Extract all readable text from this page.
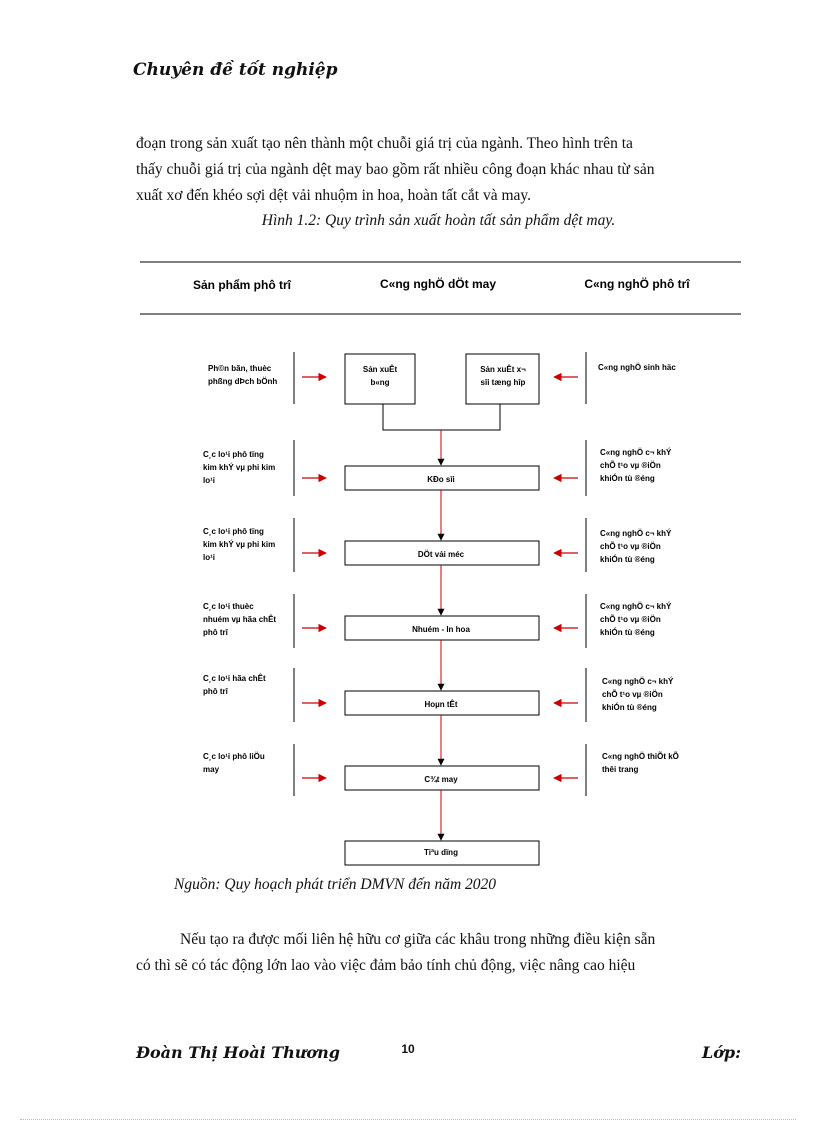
Chuyên đề tốt nghiệp
đoạn trong sản xuất tạo nên thành một chuỗi giá trị của ngành. Theo hình trên ta
thấy chuỗi giá trị của ngành dệt may bao gồm rất nhiều công đoạn khác nhau từ sản
xuất xơ đến khéo sợi dệt vải nhuộm in hoa, hoàn tất cắt và may.
Hình 1.2: Quy trình sản xuất hoàn tất sản phẩm dệt may.
Sản phẩm phô trî	C«ng nghÖ dÖt may	C«ng nghÖ phô trî
Sản xuÊt
b«ng
Sản xuÊt x¬
sîi tæng hîp
KÐo sîi
DÖt vải méc
Nhuém - In hoa
Hoµn tÊt
C¾t may
Tiªu dïng
Ph©n bãn, thuèc
phßng dÞch bÖnh
C¸c lo¹i phô tïng
kim khÝ vµ phi kim
lo¹i
C¸c lo¹i phô tïng
kim khÝ vµ phi kim
lo¹i
C¸c lo¹i thuèc
nhuém vµ hãa chÊt
phô trî
C¸c lo¹i hãa chÊt
phô trî
C¸c lo¹i phô liÖu
may
C«ng nghÖ sinh häc
C«ng nghÖ c¬ khÝ
chÕ t¹o vµ ®iÖn
khiÓn tù ®éng
C«ng nghÖ c¬ khÝ
chÕ t¹o vµ ®iÖn
khiÓn tù ®éng
C«ng nghÖ c¬ khÝ
chÕ t¹o vµ ®iÖn
khiÓn tù ®éng
C«ng nghÖ c¬ khÝ
chÕ t¹o vµ ®iÖn
khiÓn tù ®éng
C«ng nghÖ thiÕt kÕ
thêi trang
Nguồn: Quy hoạch phát triển DMVN đến năm 2020
Nếu tạo ra được mối liên hệ hữu cơ giữa các khâu trong những điều kiện sẵn
có thì sẽ có tác động lớn lao vào việc đảm bảo tính chủ động, việc nâng cao hiệu
Đoàn Thị Hoài Thương	10	Lớp:
